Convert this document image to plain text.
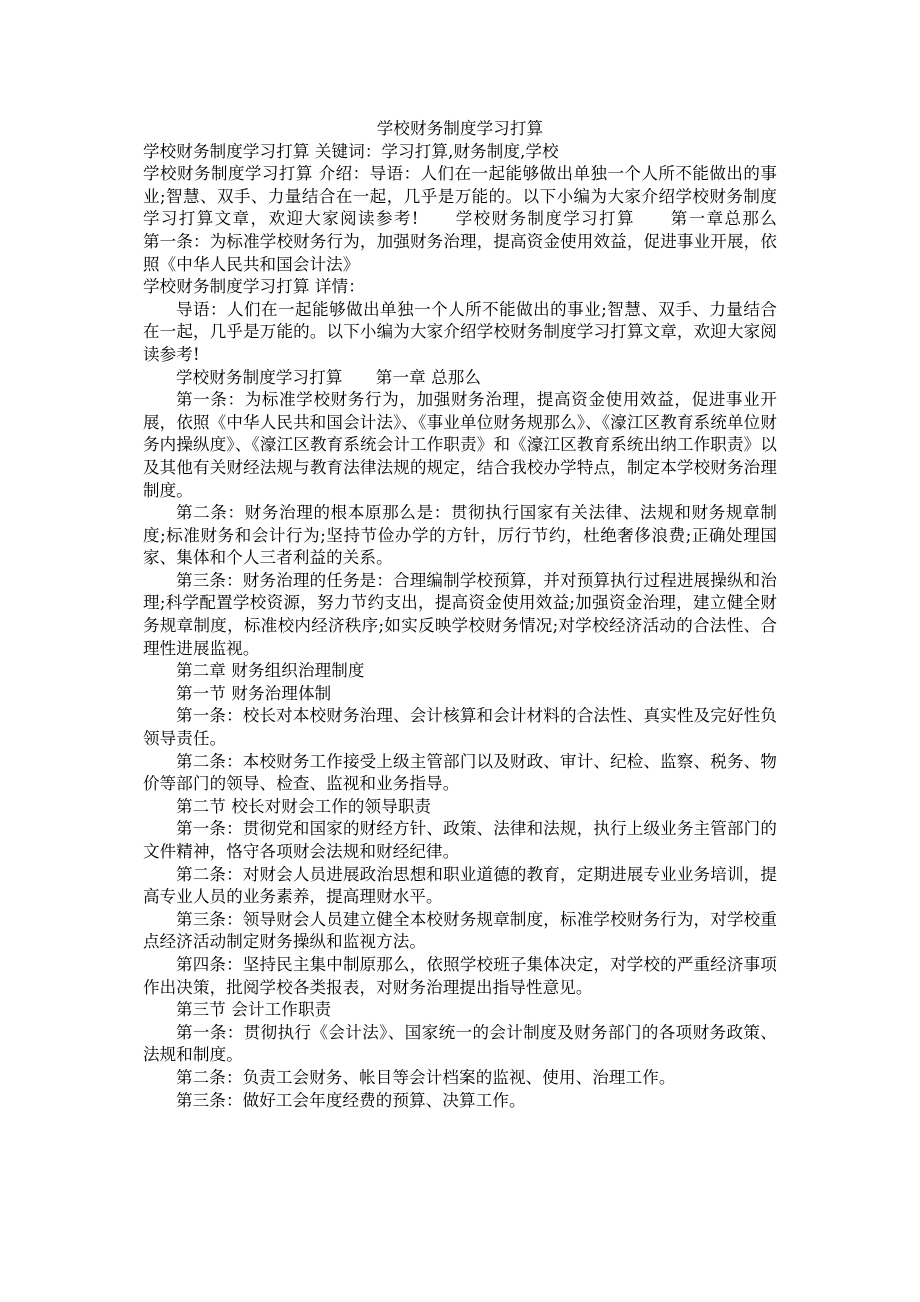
学校财务制度学习打算

学校财务制度学习打算 关键词：学习打算,财务制度,学校

学校财务制度学习打算 介绍：导语：人们在一起能够做出单独一个人所不能做出的事业;智慧、双手、力量结合在一起，几乎是万能的。以下小编为大家介绍学校财务制度学习打算文章，欢迎大家阅读参考!　　学校财务制度学习打算　　第一章总那么　　第一条：为标准学校财务行为，加强财务治理，提高资金使用效益，促进事业开展，依照《中华人民共和国会计法》

学校财务制度学习打算 详情：

导语：人们在一起能够做出单独一个人所不能做出的事业;智慧、双手、力量结合在一起，几乎是万能的。以下小编为大家介绍学校财务制度学习打算文章，欢迎大家阅读参考!

学校财务制度学习打算　　第一章 总那么

第一条：为标准学校财务行为，加强财务治理，提高资金使用效益，促进事业开展，依照《中华人民共和国会计法》、《事业单位财务规那么》、《濠江区教育系统单位财务内操纵度》、《濠江区教育系统会计工作职责》和《濠江区教育系统出纳工作职责》以及其他有关财经法规与教育法律法规的规定，结合我校办学特点，制定本学校财务治理制度。

第二条：财务治理的根本原那么是：贯彻执行国家有关法律、法规和财务规章制度;标准财务和会计行为;坚持节俭办学的方针，厉行节约，杜绝奢侈浪费;正确处理国家、集体和个人三者利益的关系。

第三条：财务治理的任务是：合理编制学校预算，并对预算执行过程进展操纵和治理;科学配置学校资源，努力节约支出，提高资金使用效益;加强资金治理，建立健全财务规章制度，标准校内经济秩序;如实反映学校财务情况;对学校经济活动的合法性、合理性进展监视。

第二章 财务组织治理制度

第一节 财务治理体制

第一条：校长对本校财务治理、会计核算和会计材料的合法性、真实性及完好性负领导责任。

第二条：本校财务工作接受上级主管部门以及财政、审计、纪检、监察、税务、物价等部门的领导、检查、监视和业务指导。

第二节 校长对财会工作的领导职责

第一条：贯彻党和国家的财经方针、政策、法律和法规，执行上级业务主管部门的文件精神，恪守各项财会法规和财经纪律。

第二条：对财会人员进展政治思想和职业道德的教育，定期进展专业业务培训，提高专业人员的业务素养，提高理财水平。

第三条：领导财会人员建立健全本校财务规章制度，标准学校财务行为，对学校重点经济活动制定财务操纵和监视方法。

第四条：坚持民主集中制原那么，依照学校班子集体决定，对学校的严重经济事项作出决策，批阅学校各类报表，对财务治理提出指导性意见。

第三节 会计工作职责

第一条：贯彻执行《会计法》、国家统一的会计制度及财务部门的各项财务政策、法规和制度。

第二条：负责工会财务、帐目等会计档案的监视、使用、治理工作。

第三条：做好工会年度经费的预算、决算工作。
